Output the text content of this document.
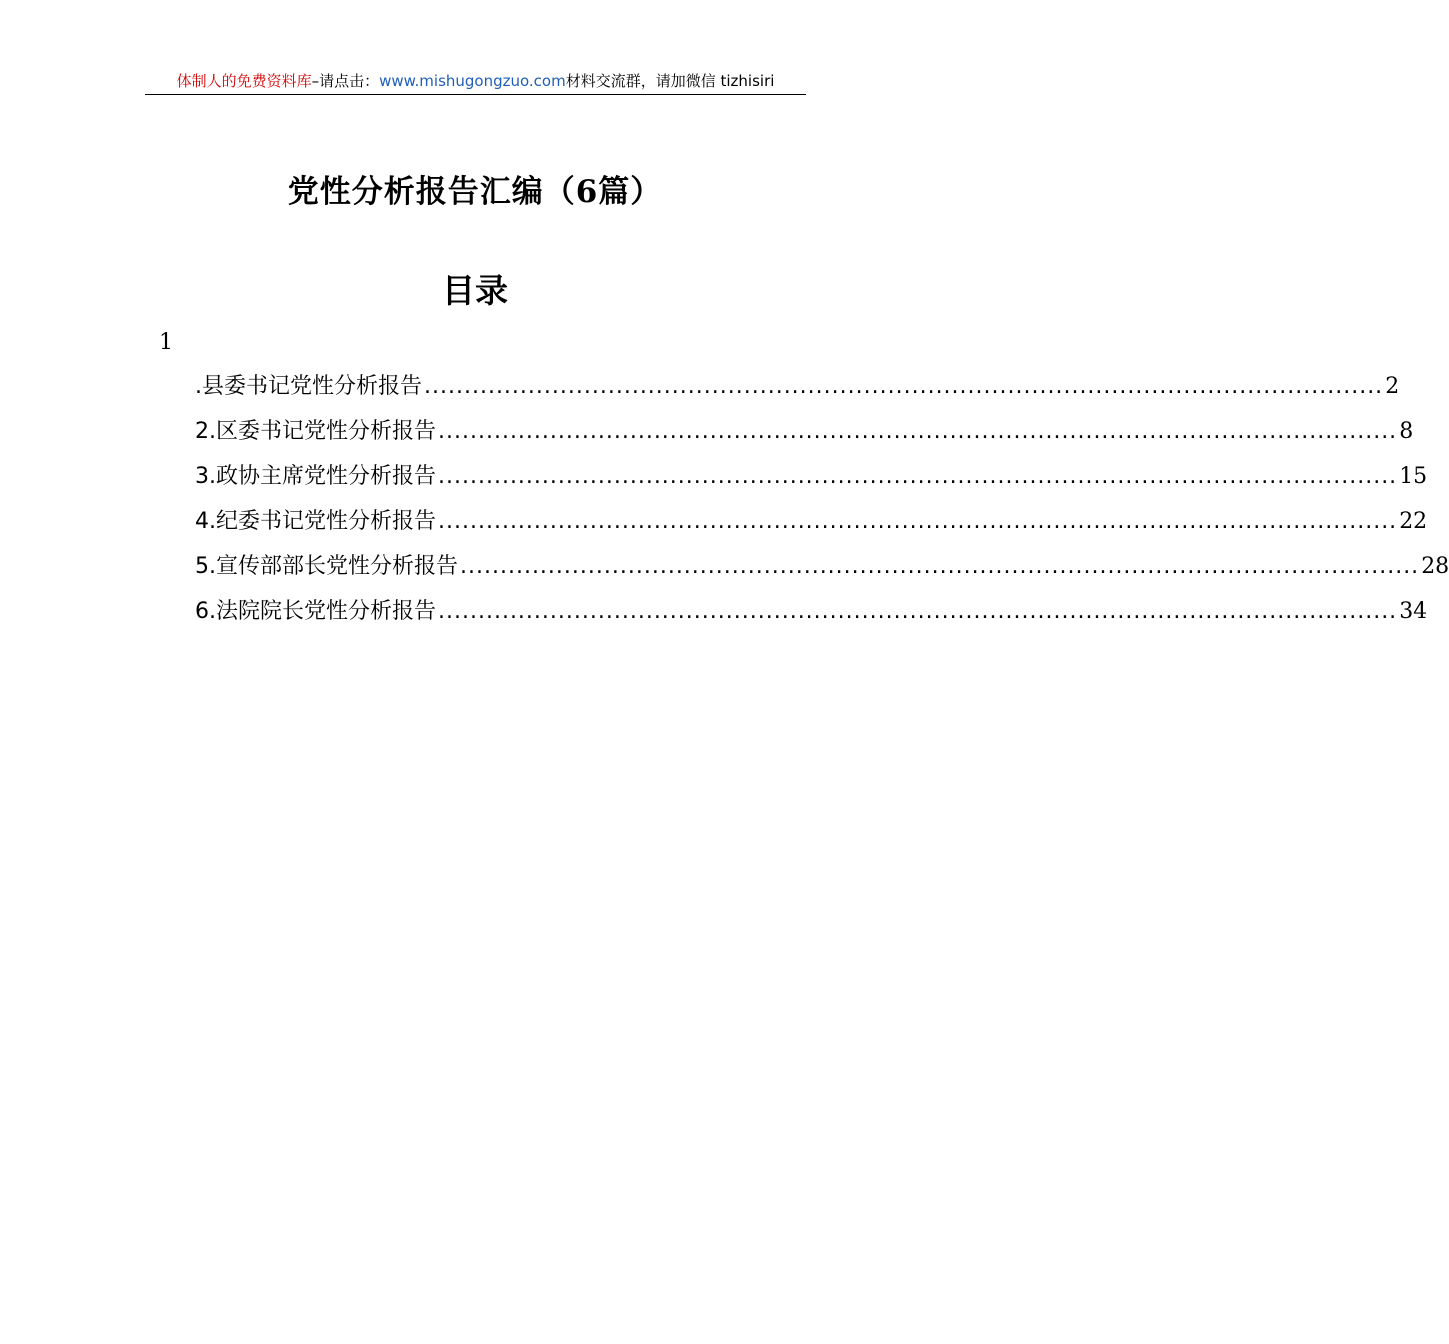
体制人的免费资料库–请点击：www.mishugongzuo.com材料交流群，请加微信 tizhisiri
党性分析报告汇编（6篇）
目录
1
.县委书记党性分析报告 ........................................................................................................................ 2
2.区委书记党性分析报告 ........................................................................................................................ 8
3.政协主席党性分析报告 ........................................................................................................................ 15
4.纪委书记党性分析报告 ........................................................................................................................ 22
5.宣传部部长党性分析报告 ........................................................................................................................ 28
6.法院院长党性分析报告 ........................................................................................................................ 34
